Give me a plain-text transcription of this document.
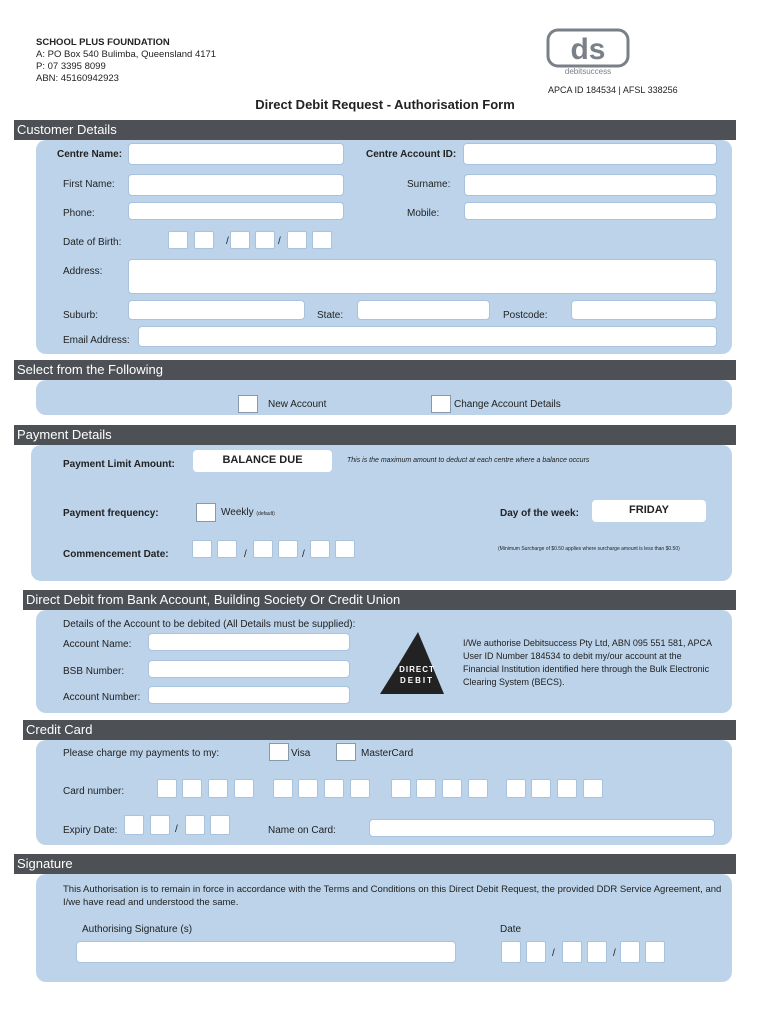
SCHOOL PLUS FOUNDATION
A: PO Box 540 Bulimba, Queensland 4171
P: 07 3395 8099
ABN: 45160942923
ds
debitsuccess
APCA ID 184534 | AFSL 338256
Direct Debit Request - Authorisation Form
Customer Details
Centre Name:	Centre Account ID:
First Name:	Surname:
Phone:	Mobile:
Date of Birth:	/	/
Address:
Suburb:	State:	Postcode:
Email Address:
Select from the Following
New Account	Change Account Details
Payment Details
Payment Limit Amount:	BALANCE DUE	This is the maximum amount to deduct at each centre where a balance occurs
Payment frequency:	Weekly (default)	Day of the week:	FRIDAY
Commencement Date:	/	/	(Minimum Surcharge of $0.50 applies where surcharge amount is less than $0.50)
Direct Debit from Bank Account, Building Society Or Credit Union
Details of the Account to be debited (All Details must be supplied):
Account Name:
BSB Number:
Account Number:
DIRECT
DEBIT
I/We authorise Debitsuccess Pty Ltd, ABN 095 551 581, APCA User ID Number 184534 to debit my/our account at the Financial Institution identified here through the Bulk Electronic Clearing System (BECS).
Credit Card
Please charge my payments to my:	Visa	MasterCard
Card number:
Expiry Date:	/	Name on Card:
Signature
This Authorisation is to remain in force in accordance with the Terms and Conditions on this Direct Debit Request, the provided DDR Service Agreement, and I/we have read and understood the same.
Authorising Signature (s)	Date
/	/
